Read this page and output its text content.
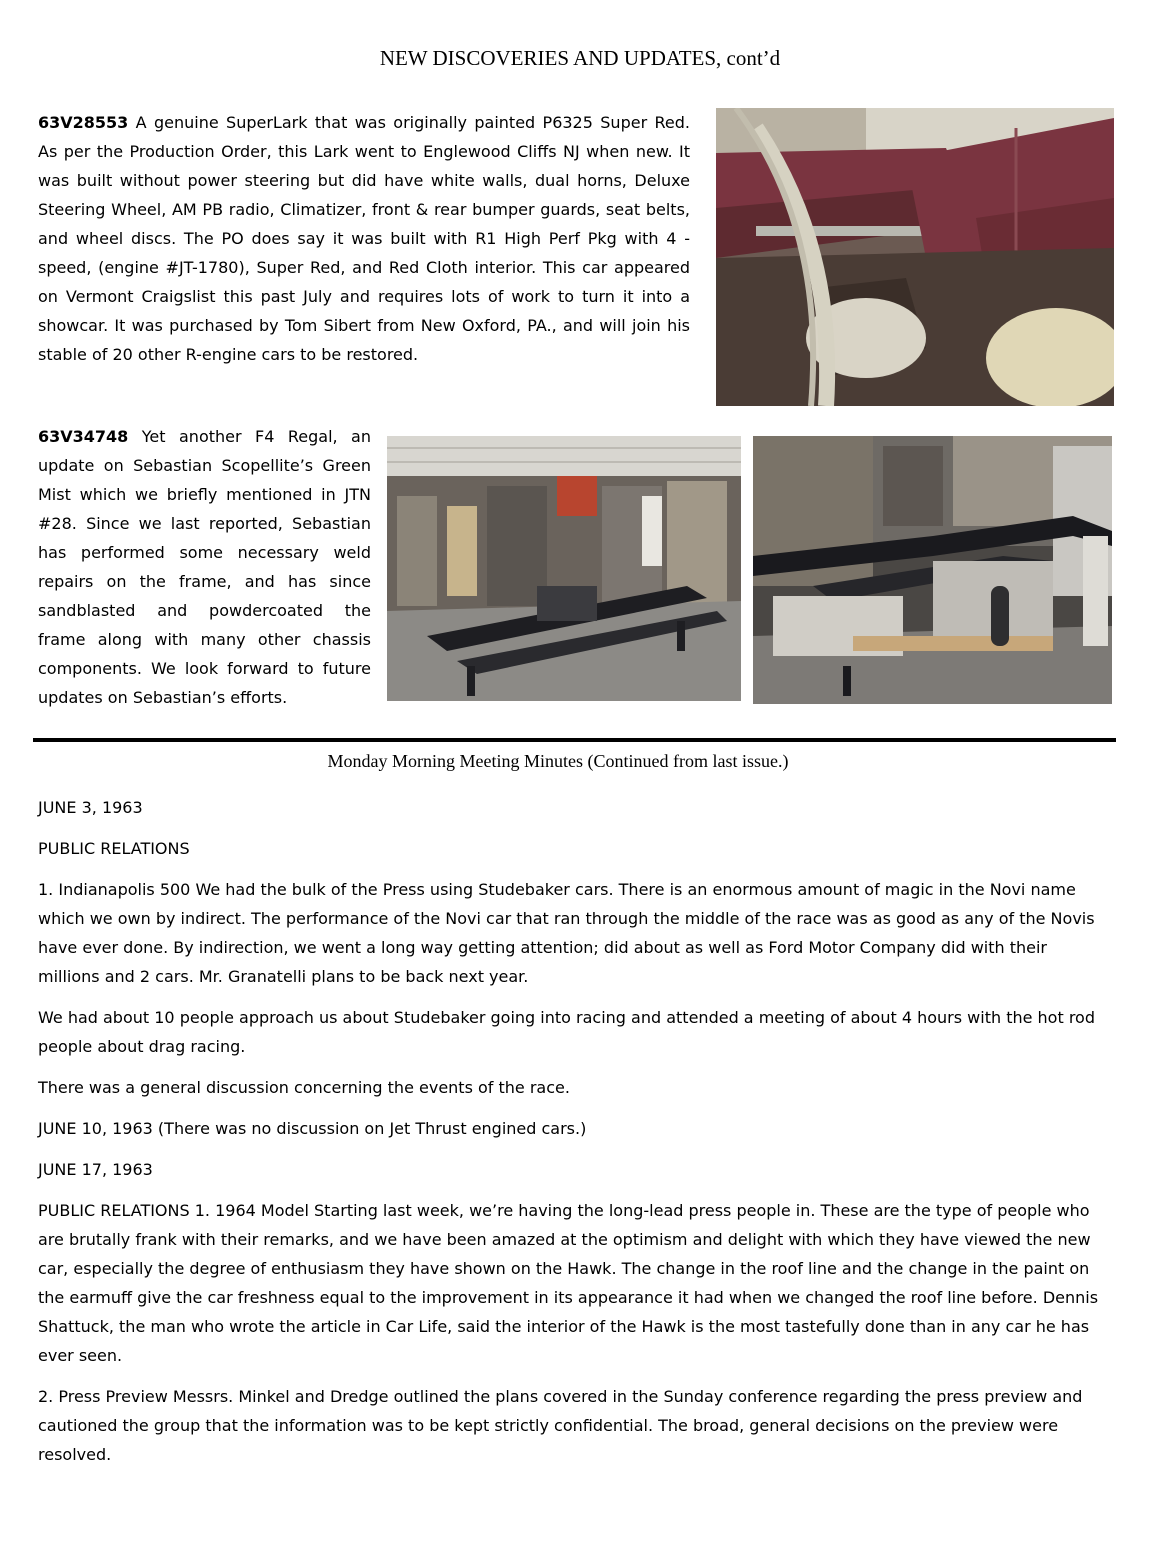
NEW DISCOVERIES AND UPDATES, cont’d
63V28553 A genuine SuperLark that was originally painted P6325 Super Red. As per the Production Order, this Lark went to Englewood Cliffs NJ when new. It was built without power steering but did have white walls, dual horns, Deluxe Steering Wheel, AM PB radio, Climatizer, front & rear bumper guards, seat belts, and wheel discs. The PO does say it was built with R1 High Perf Pkg with 4 -speed, (engine #JT-1780), Super Red, and Red Cloth interior. This car appeared on Vermont Craigslist this past July and requires lots of work to turn it into a showcar. It was purchased by Tom Sibert from New Oxford, PA., and will join his stable of 20 other R-engine cars to be restored.
63V34748 Yet another F4 Regal, an update on Sebastian Scopellite’s Green Mist which we briefly mentioned in JTN #28. Since we last reported, Sebastian has performed some necessary weld repairs on the frame, and has since sandblasted and powdercoated the frame along with many other chassis components. We look forward to future updates on Sebastian’s efforts.
Monday Morning Meeting Minutes (Continued from last issue.)

JUNE 3, 1963

PUBLIC RELATIONS

1. Indianapolis 500 We had the bulk of the Press using Studebaker cars. There is an enormous amount of magic in the Novi name which we own by indirect. The performance of the Novi car that ran through the middle of the race was as good as any of the Novis have ever done. By indirection, we went a long way getting attention; did about as well as Ford Motor Company did with their millions and 2 cars. Mr. Granatelli plans to be back next year.

We had about 10 people approach us about Studebaker going into racing and attended a meeting of about 4 hours with the hot rod people about drag racing.

There was a general discussion concerning the events of the race.

JUNE 10, 1963 (There was no discussion on Jet Thrust engined cars.)

JUNE 17, 1963

PUBLIC RELATIONS 1. 1964 Model Starting last week, we’re having the long-lead press people in. These are the type of people who are brutally frank with their remarks, and we have been amazed at the optimism and delight with which they have viewed the new car, especially the degree of enthusiasm they have shown on the Hawk. The change in the roof line and the change in the paint on the earmuff give the car freshness equal to the improvement in its appearance it had when we changed the roof line before. Dennis Shattuck, the man who wrote the article in Car Life, said the interior of the Hawk is the most tastefully done than in any car he has ever seen.

2. Press Preview Messrs. Minkel and Dredge outlined the plans covered in the Sunday conference regarding the press preview and cautioned the group that the information was to be kept strictly confidential. The broad, general decisions on the preview were resolved.
